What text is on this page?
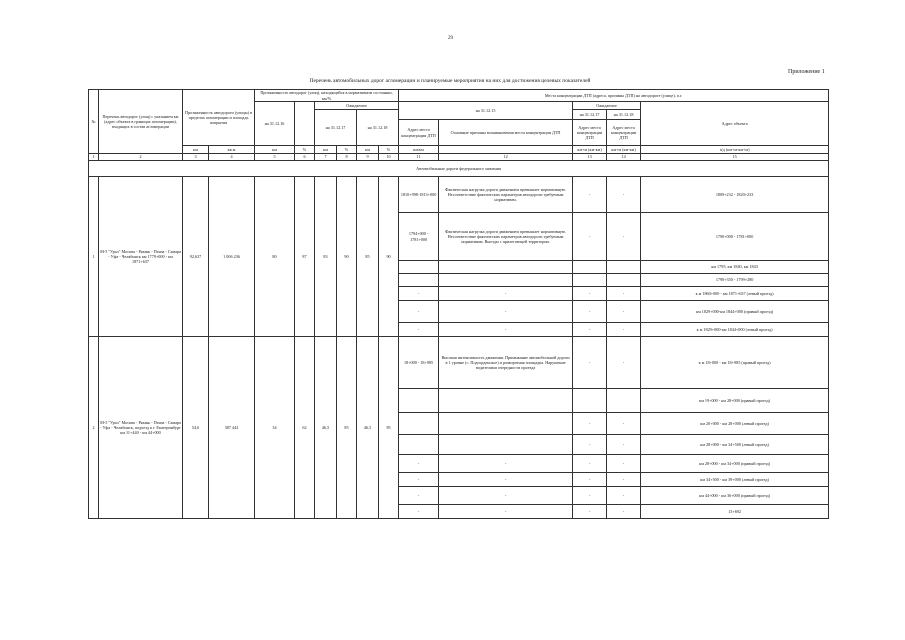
29
Приложение 1
Перечень автомобильных дорог агломерации и планируемые мероприятия на них для достижения целевых показателей
№	Перечень автодорог (улиц) с указанием км (адрес объекта в границах агломерации), входящих в состав агломерации	Протяженность автодороги (улицы) в пределах агломерации и площадь покрытия		Протяженность автодорог (улиц), находящейся в нормативном состоянии, км/%						Места концентрации ДТП (адреса, причины ДТП) на автодороге (улице), п.г.				
				на 31.12.16		Ожидаемое				на 31.12.15		Ожидаемое		Адрес объекта
						на 31.12.17		на 31.12.18				на 31.12.17	на 31.12.18	
										Адрес места концентрации ДТП	Основные причины возникновения места концентрации ДТП	Адрес места концентрации ДТП	Адрес места концентрации ДТП	
		км	кв.м	км	%	км	%	км	%	км/км		км+м (км-км)	км+м (км-км)	а/д (км+м-км+м)
1	2	3	4	5	6	7	8	9	10	11	12	13	14	15
Автомобильные дороги федерального значения														
1	М-5 "Урал" Москва - Рязань - Пенза - Самара - Уфа - Челябинск км 1779+000 - км 1871+637	92,637	1 006 236	80	87	83	90	85	90	1810+998-1813+000	Фактическая нагрузка дороги движением превышает нормативную. Несоответствие фактических параметров автодороги требуемым нормативам.	-	-	1809+232 - 1820+233
										1794+000 - 1781+000	Фактическая нагрузка дороги движением превышает нормативную. Несоответствие фактических параметров автодороги требуемым нормативам. Выезды с прилегающей территории.	-	-	1790+000 - 1781+000
														км 1795, км 1840, км 1843
														1790+350 - 1799+280
										-	-	-	-	к м 1860+000 - км 1871+637 (левый проезд)
										-	-	-	-	км 1829+000-км 1844+000 (правый проезд)
										-	-	-	-	к м 1829+000-км 1844+000 (левый проезд)
2	М-5 "Урал" Москва - Рязань - Пенза - Самара - Уфа - Челябинск, подъезд к г. Екатеринбург км 11+440 - км 44+000	54,6	387 442	34	62	46,5	85	46,5	85	18+000 - 18+985	Высокая интенсивность движения. Примыкание автомобильной дороги в 1 уровне (с. Подгорденское) и разворотная площадка. Нарушение водителями очередности проезда	-	-	к м 18+000 - км 18+985 (правый проезд)
														км 19+000 - км 28+000 (правый проезд)
												-	-	км 20+000 - км 28+000 (левый проезд)
												-	-	км 28+000 - км 34+500 (левый проезд)
										-	-	-	-	км 28+000 - км 34+000 (правый проезд)
										-	-	-	-	км 34+500 - км 39+000 (левый проезд)
										-	-	-	-	км 44+000 - км 36+000 (правый проезд)
										-	-	-	-	13+692
